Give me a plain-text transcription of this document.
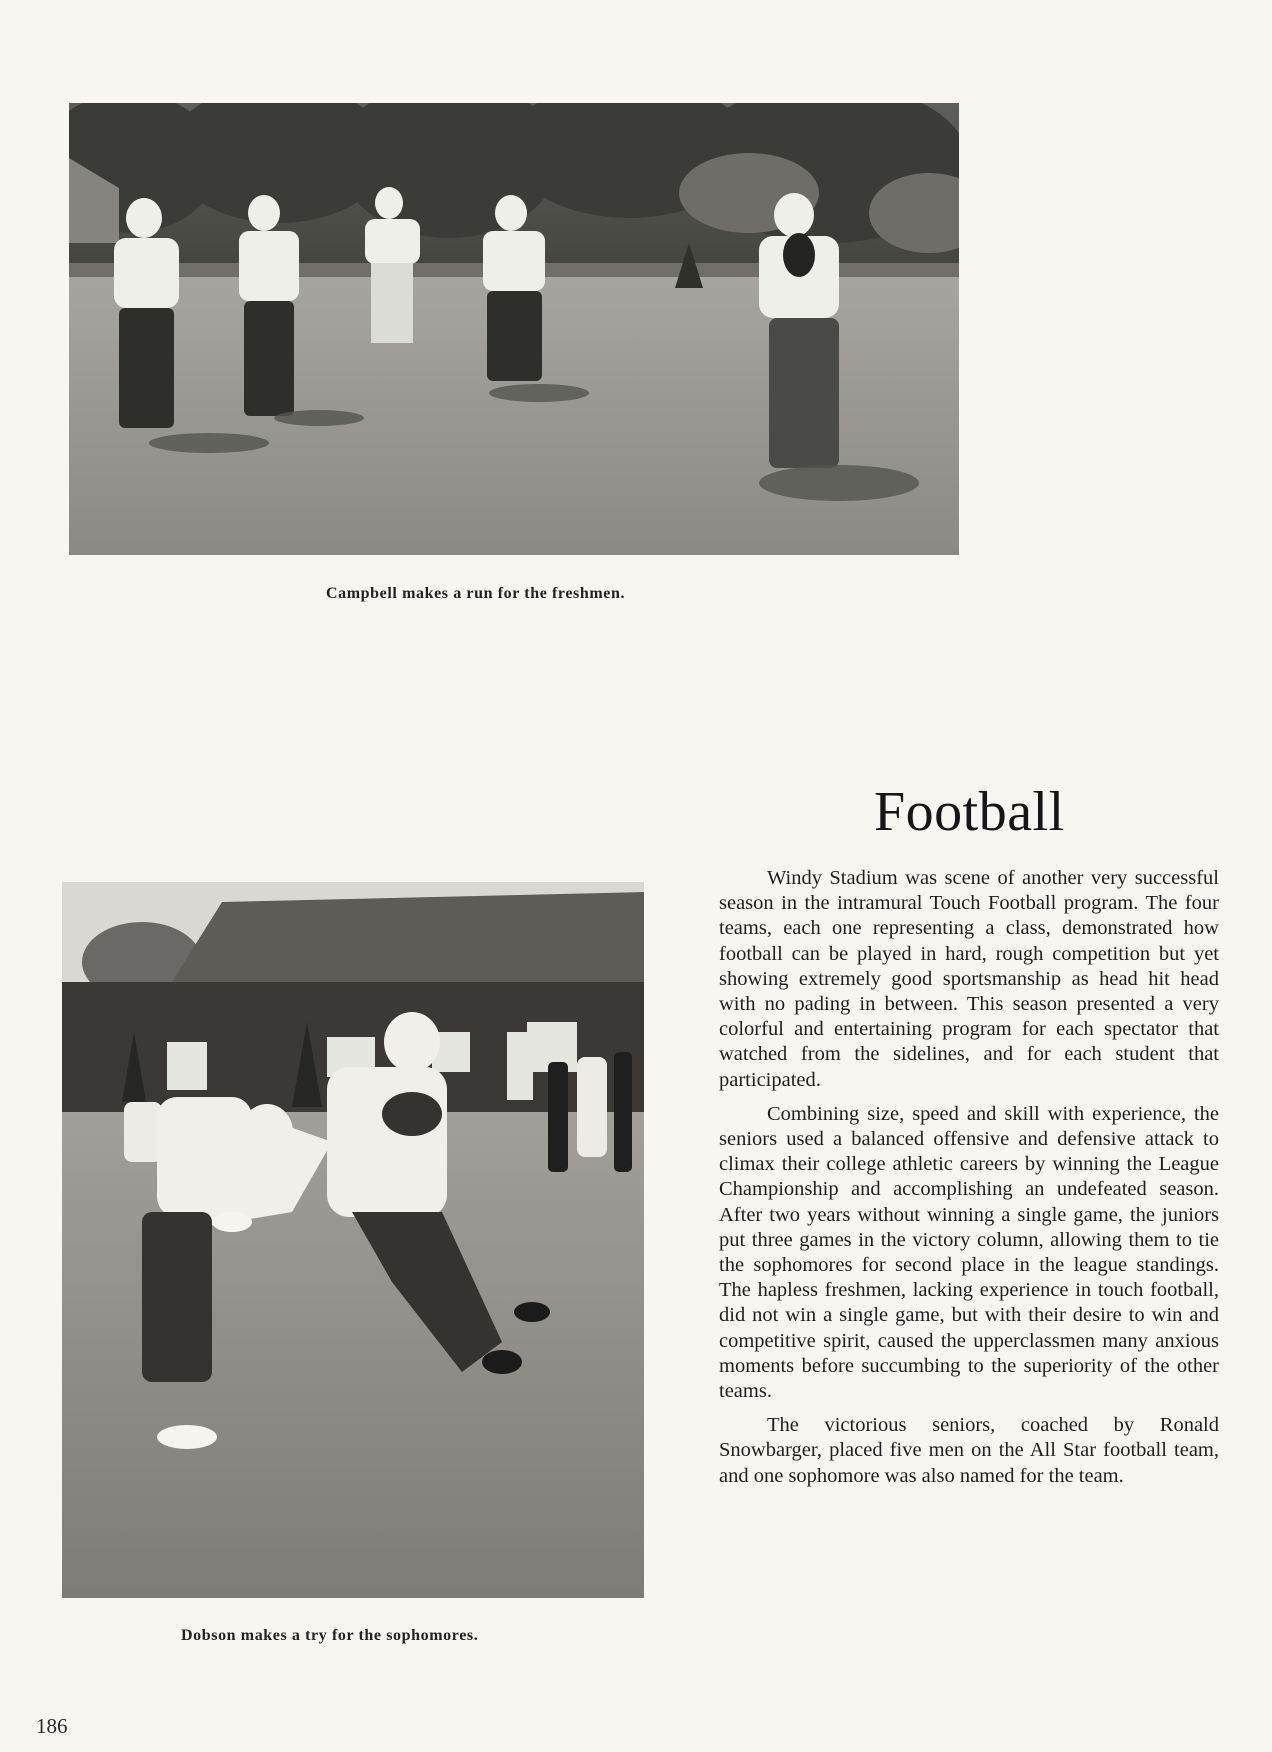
Campbell makes a run for the freshmen.
Dobson makes a try for the sophomores.
Football

Windy Stadium was scene of another very successful season in the intramural Touch Football program. The four teams, each one representing a class, demonstrated how football can be played in hard, rough competition but yet showing extremely good sportsmanship as head hit head with no pading in between. This season presented a very colorful and entertaining program for each spectator that watched from the sidelines, and for each student that participated.

Combining size, speed and skill with experience, the seniors used a balanced offensive and defensive attack to climax their college athletic careers by winning the League Championship and accomplishing an undefeated season. After two years without winning a single game, the juniors put three games in the victory column, allowing them to tie the sophomores for second place in the league standings. The hapless freshmen, lacking experience in touch football, did not win a single game, but with their desire to win and competitive spirit, caused the upperclassmen many anxious moments before succumbing to the superiority of the other teams.

The victorious seniors, coached by Ronald Snowbarger, placed five men on the All Star football team, and one sophomore was also named for the team.

186
